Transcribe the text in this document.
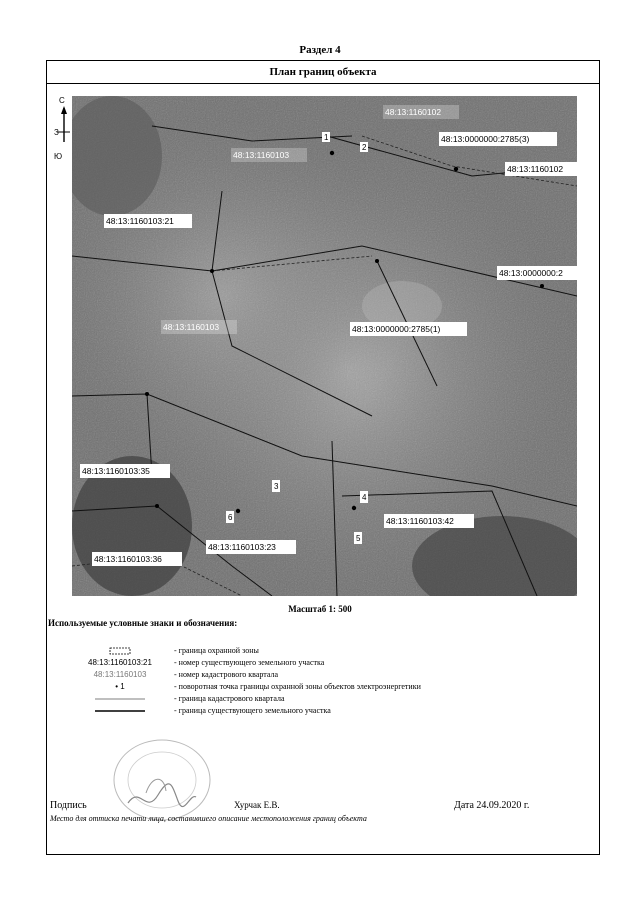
Раздел 4
План границ объекта
С
З
Ю
1
2
3
4
5
6
48:13:1160103:21
48:13:0000000:2785(3)
48:13:1160102
48:13:0000000:2
48:13:0000000:2785(1)
48:13:1160103:35
48:13:1160103:42
48:13:1160103:23
48:13:1160103:36
48:13:1160102
48:13:1160103
48:13:1160103
Масштаб 1: 500
Используемые условные знаки и обозначения:
- граница охранной зоны
48:13:1160103:21	- номер существующего земельного участка
48:13:1160103	- номер кадастрового квартала
• 1	- поворотная точка границы охранной зоны объектов электроэнергетики
- граница кадастрового квартала
- граница существующего земельного участка
Подпись	Хурчак Е.В.	Дата 24.09.2020 г.
Место для оттиска печати лица, составившего описание местоположения границ объекта
